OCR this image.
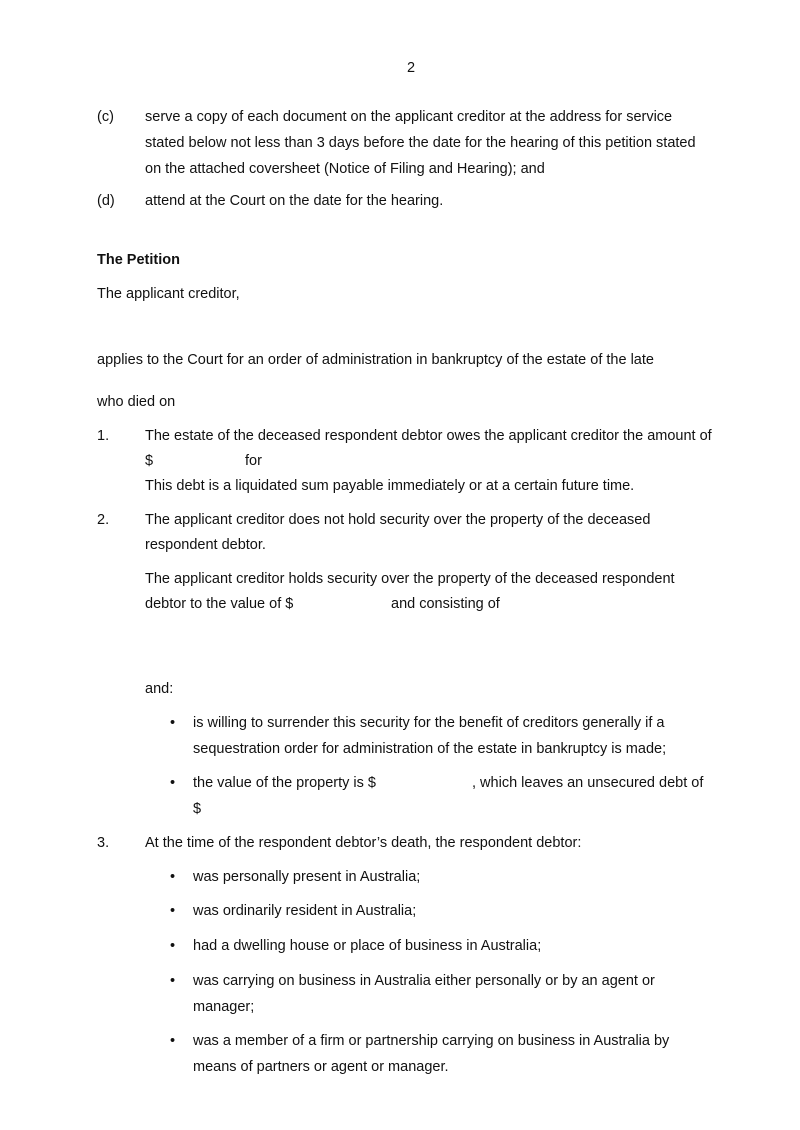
2
(c) serve a copy of each document on the applicant creditor at the address for service
stated below not less than 3 days before the date for the hearing of this petition stated
on the attached coversheet (Notice of Filing and Hearing); and
(d) attend at the Court on the date for the hearing.
The Petition
The applicant creditor,
applies to the Court for an order of administration in bankruptcy of the estate of the late
who died on
1. The estate of the deceased respondent debtor owes the applicant creditor the amount of
$	for
This debt is a liquidated sum payable immediately or at a certain future time.
2. The applicant creditor does not hold security over the property of the deceased
respondent debtor.
The applicant creditor holds security over the property of the deceased respondent
debtor to the value of $	and consisting of
and:
• is willing to surrender this security for the benefit of creditors generally if a
sequestration order for administration of the estate in bankruptcy is made;
• the value of the property is $	, which leaves an unsecured debt of
$
3. At the time of the respondent debtor’s death, the respondent debtor:
• was personally present in Australia;
• was ordinarily resident in Australia;
• had a dwelling house or place of business in Australia;
• was carrying on business in Australia either personally or by an agent or
manager;
• was a member of a firm or partnership carrying on business in Australia by
means of partners or agent or manager.
